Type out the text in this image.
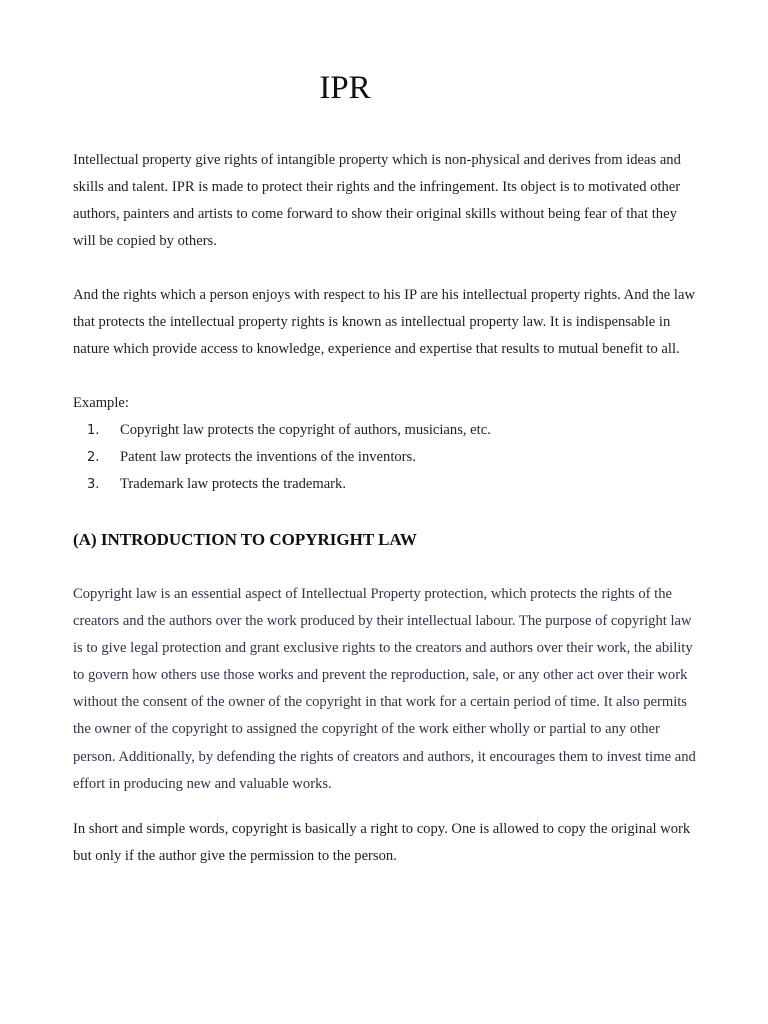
IPR

Intellectual property give rights of intangible property which is non-physical and derives from ideas and skills and talent. IPR is made to protect their rights and the infringement. Its object is to motivated other authors, painters and artists to come forward to show their original skills without being fear of that they will be copied by others.

And the rights which a person enjoys with respect to his IP are his intellectual property rights. And the law that protects the intellectual property rights is known as intellectual property law. It is indispensable in nature which provide access to knowledge, experience and expertise that results to mutual benefit to all.

Example:

1. Copyright law protects the copyright of authors, musicians, etc.
2. Patent law protects the inventions of the inventors.
3. Trademark law protects the trademark.
(A) INTRODUCTION TO COPYRIGHT LAW

Copyright law is an essential aspect of Intellectual Property protection, which protects the rights of the creators and the authors over the work produced by their intellectual labour. The purpose of copyright law is to give legal protection and grant exclusive rights to the creators and authors over their work, the ability to govern how others use those works and prevent the reproduction, sale, or any other act over their work without the consent of the owner of the copyright in that work for a certain period of time. It also permits the owner of the copyright to assigned the copyright of the work either wholly or partial to any other person. Additionally, by defending the rights of creators and authors, it encourages them to invest time and effort in producing new and valuable works.

In short and simple words, copyright is basically a right to copy. One is allowed to copy the original work but only if the author give the permission to the person.
